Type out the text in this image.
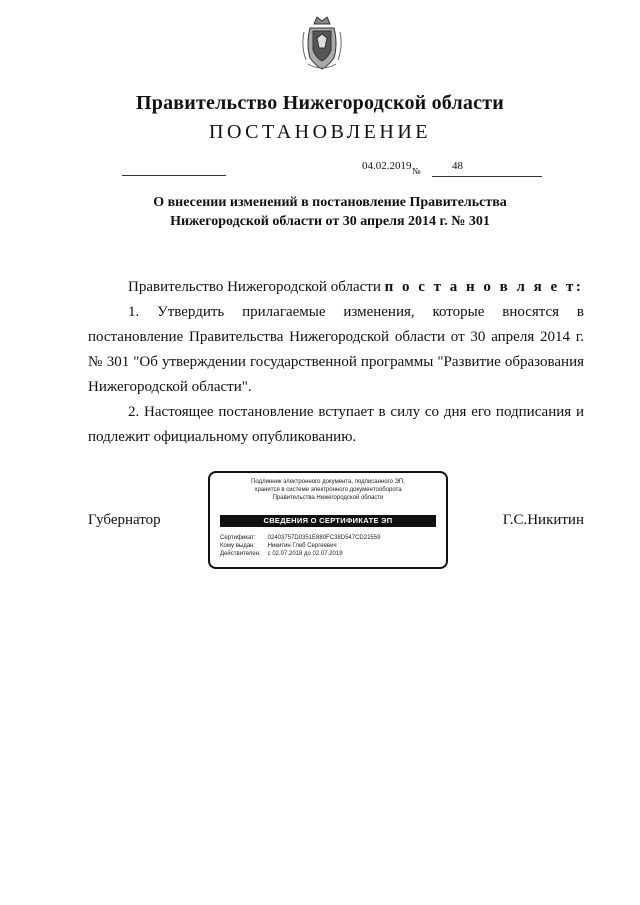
Правительство Нижегородской области
ПОСТАНОВЛЕНИЕ
04.02.2019 №	48
О внесении изменений в постановление Правительства
Нижегородской области от 30 апреля 2014 г. № 301

Правительство Нижегородской области п о с т а н о в л я е т:

1. Утвердить прилагаемые изменения, которые вносятся в постановление Правительства Нижегородской области от 30 апреля 2014 г. № 301 "Об утверждении государственной программы "Развитие образования Нижегородской области".

2. Настоящее постановление вступает в силу со дня его подписания и подлежит официальному опубликованию.

Губернатор	Г.С.Никитин
Подлинник электронного документа, подписанного ЭП,
хранится в системе электронного документооборота
Правительства Нижегородской области
СВЕДЕНИЯ О СЕРТИФИКАТЕ ЭП
Сертификат: 02403757D0351E880FC38D547CD21559
Кому выдан: Никитин Глеб Сергеевич
Действителен: с 02.07.2018 до 02.07.2019
